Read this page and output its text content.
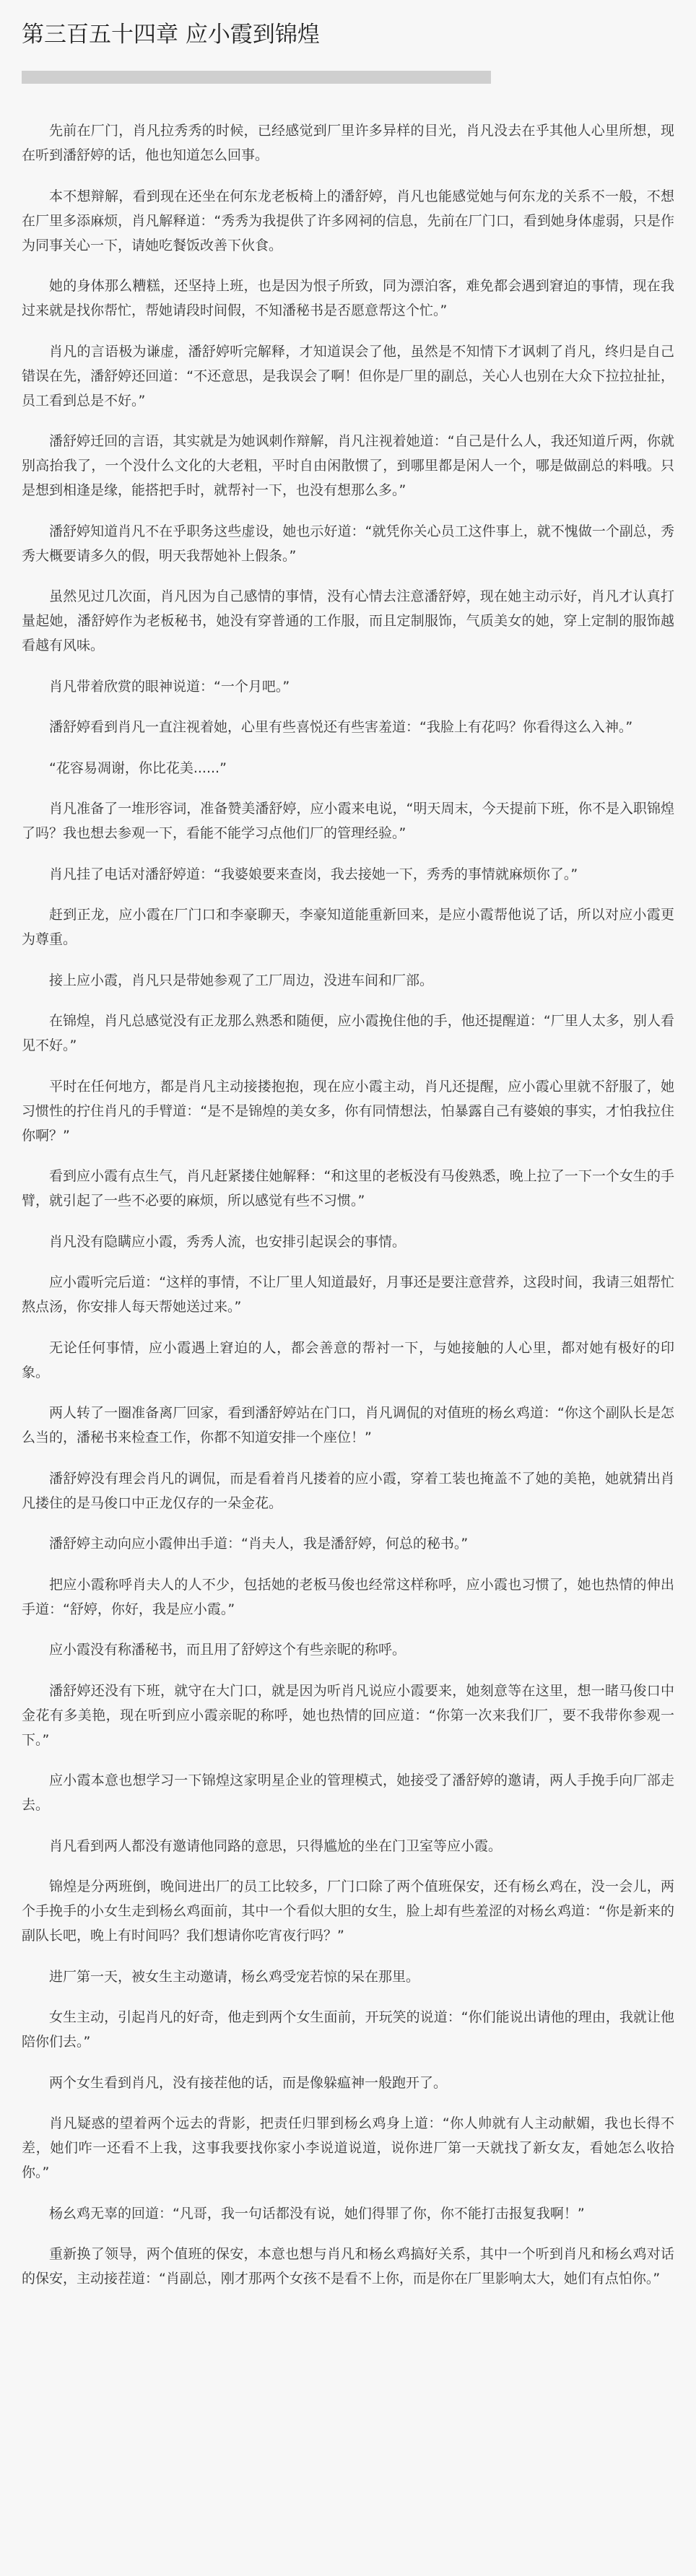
第三百五十四章 应小霞到锦煌

先前在厂门，肖凡拉秀秀的时候，已经感觉到厂里许多异样的目光，肖凡没去在乎其他人心里所想，现在听到潘舒婷的话，他也知道怎么回事。

本不想辩解，看到现在还坐在何东龙老板椅上的潘舒婷，肖凡也能感觉她与何东龙的关系不一般，不想在厂里多添麻烦，肖凡解释道：“秀秀为我提供了许多网祠的信息，先前在厂门口，看到她身体虚弱，只是作为同事关心一下，请她吃餐饭改善下伙食。

她的身体那么糟糕，还坚持上班，也是因为恨子所致，同为漂泊客，难免都会遇到窘迫的事情，现在我过来就是找你帮忙，帮她请段时间假，不知潘秘书是否愿意帮这个忙。”

肖凡的言语极为谦虚，潘舒婷听完解释，才知道误会了他，虽然是不知情下才讽刺了肖凡，终归是自己错误在先，潘舒婷还回道：“不还意思，是我误会了啊！但你是厂里的副总，关心人也别在大众下拉拉扯扯，员工看到总是不好。”

潘舒婷迁回的言语，其实就是为她讽刺作辩解，肖凡注视着她道：“自己是什么人，我还知道斤两，你就别高抬我了，一个没什么文化的大老粗，平时自由闲散惯了，到哪里都是闲人一个，哪是做副总的料哦。只是想到相逢是缘，能搭把手时，就帮衬一下，也没有想那么多。”

潘舒婷知道肖凡不在乎职务这些虚设，她也示好道：“就凭你关心员工这件事上，就不愧做一个副总，秀秀大概要请多久的假，明天我帮她补上假条。”

虽然见过几次面，肖凡因为自己感情的事情，没有心情去注意潘舒婷，现在她主动示好，肖凡才认真打量起她，潘舒婷作为老板秘书，她没有穿普通的工作服，而且定制服饰，气质美女的她，穿上定制的服饰越看越有风味。

肖凡带着欣赏的眼神说道：“一个月吧。”

潘舒婷看到肖凡一直注视着她，心里有些喜悦还有些害羞道：“我脸上有花吗？你看得这么入神。”

“花容易凋谢，你比花美......”

肖凡准备了一堆形容词，准备赞美潘舒婷，应小霞来电说，“明天周末，今天提前下班，你不是入职锦煌了吗？我也想去参观一下，看能不能学习点他们厂的管理经验。”

肖凡挂了电话对潘舒婷道：“我婆娘要来查岗，我去接她一下，秀秀的事情就麻烦你了。”

赶到正龙，应小霞在厂门口和李豪聊天，李豪知道能重新回来，是应小霞帮他说了话，所以对应小霞更为尊重。

接上应小霞，肖凡只是带她参观了工厂周边，没进车间和厂部。

在锦煌，肖凡总感觉没有正龙那么熟悉和随便，应小霞挽住他的手，他还提醒道：“厂里人太多，别人看见不好。”

平时在任何地方，都是肖凡主动接搂抱抱，现在应小霞主动，肖凡还提醒，应小霞心里就不舒服了，她习惯性的拧住肖凡的手臂道：“是不是锦煌的美女多，你有同情想法，怕暴露自己有婆娘的事实，才怕我拉住你啊？”

看到应小霞有点生气，肖凡赶紧搂住她解释：“和这里的老板没有马俊熟悉，晚上拉了一下一个女生的手臂，就引起了一些不必要的麻烦，所以感觉有些不习惯。”

肖凡没有隐瞒应小霞，秀秀人流，也安排引起误会的事情。

应小霞听完后道：“这样的事情，不让厂里人知道最好，月事还是要注意营养，这段时间，我请三姐帮忙熬点汤，你安排人每天帮她送过来。”

无论任何事情，应小霞遇上窘迫的人，都会善意的帮衬一下，与她接触的人心里，都对她有极好的印象。

两人转了一圈准备离厂回家，看到潘舒婷站在门口，肖凡调侃的对值班的杨幺鸡道：“你这个副队长是怎么当的，潘秘书来检查工作，你都不知道安排一个座位！”

潘舒婷没有理会肖凡的调侃，而是看着肖凡搂着的应小霞，穿着工装也掩盖不了她的美艳，她就猜出肖凡搂住的是马俊口中正龙仅存的一朵金花。

潘舒婷主动向应小霞伸出手道：“肖夫人，我是潘舒婷，何总的秘书。”

把应小霞称呼肖夫人的人不少，包括她的老板马俊也经常这样称呼，应小霞也习惯了，她也热情的伸出手道：“舒婷，你好，我是应小霞。”

应小霞没有称潘秘书，而且用了舒婷这个有些亲昵的称呼。

潘舒婷还没有下班，就守在大门口，就是因为听肖凡说应小霞要来，她刻意等在这里，想一睹马俊口中金花有多美艳，现在听到应小霞亲昵的称呼，她也热情的回应道：“你第一次来我们厂，要不我带你参观一下。”

应小霞本意也想学习一下锦煌这家明星企业的管理模式，她接受了潘舒婷的邀请，两人手挽手向厂部走去。

肖凡看到两人都没有邀请他同路的意思，只得尴尬的坐在门卫室等应小霞。

锦煌是分两班倒，晚间进出厂的员工比较多，厂门口除了两个值班保安，还有杨幺鸡在，没一会儿，两个手挽手的小女生走到杨幺鸡面前，其中一个看似大胆的女生，脸上却有些羞涩的对杨幺鸡道：“你是新来的副队长吧，晚上有时间吗？我们想请你吃宵夜行吗？”

进厂第一天，被女生主动邀请，杨幺鸡受宠若惊的呆在那里。

女生主动，引起肖凡的好奇，他走到两个女生面前，开玩笑的说道：“你们能说出请他的理由，我就让他陪你们去。”

两个女生看到肖凡，没有接茬他的话，而是像躲瘟神一般跑开了。

肖凡疑惑的望着两个远去的背影，把责任归罪到杨幺鸡身上道：“你人帅就有人主动献媚，我也长得不差，她们咋一还看不上我，这事我要找你家小李说道说道，说你进厂第一天就找了新女友，看她怎么收拾你。”

杨幺鸡无辜的回道：“凡哥，我一句话都没有说，她们得罪了你，你不能打击报复我啊！”

重新换了领导，两个值班的保安，本意也想与肖凡和杨幺鸡搞好关系，其中一个听到肖凡和杨幺鸡对话的保安，主动接茬道：“肖副总，刚才那两个女孩不是看不上你，而是你在厂里影响太大，她们有点怕你。”
